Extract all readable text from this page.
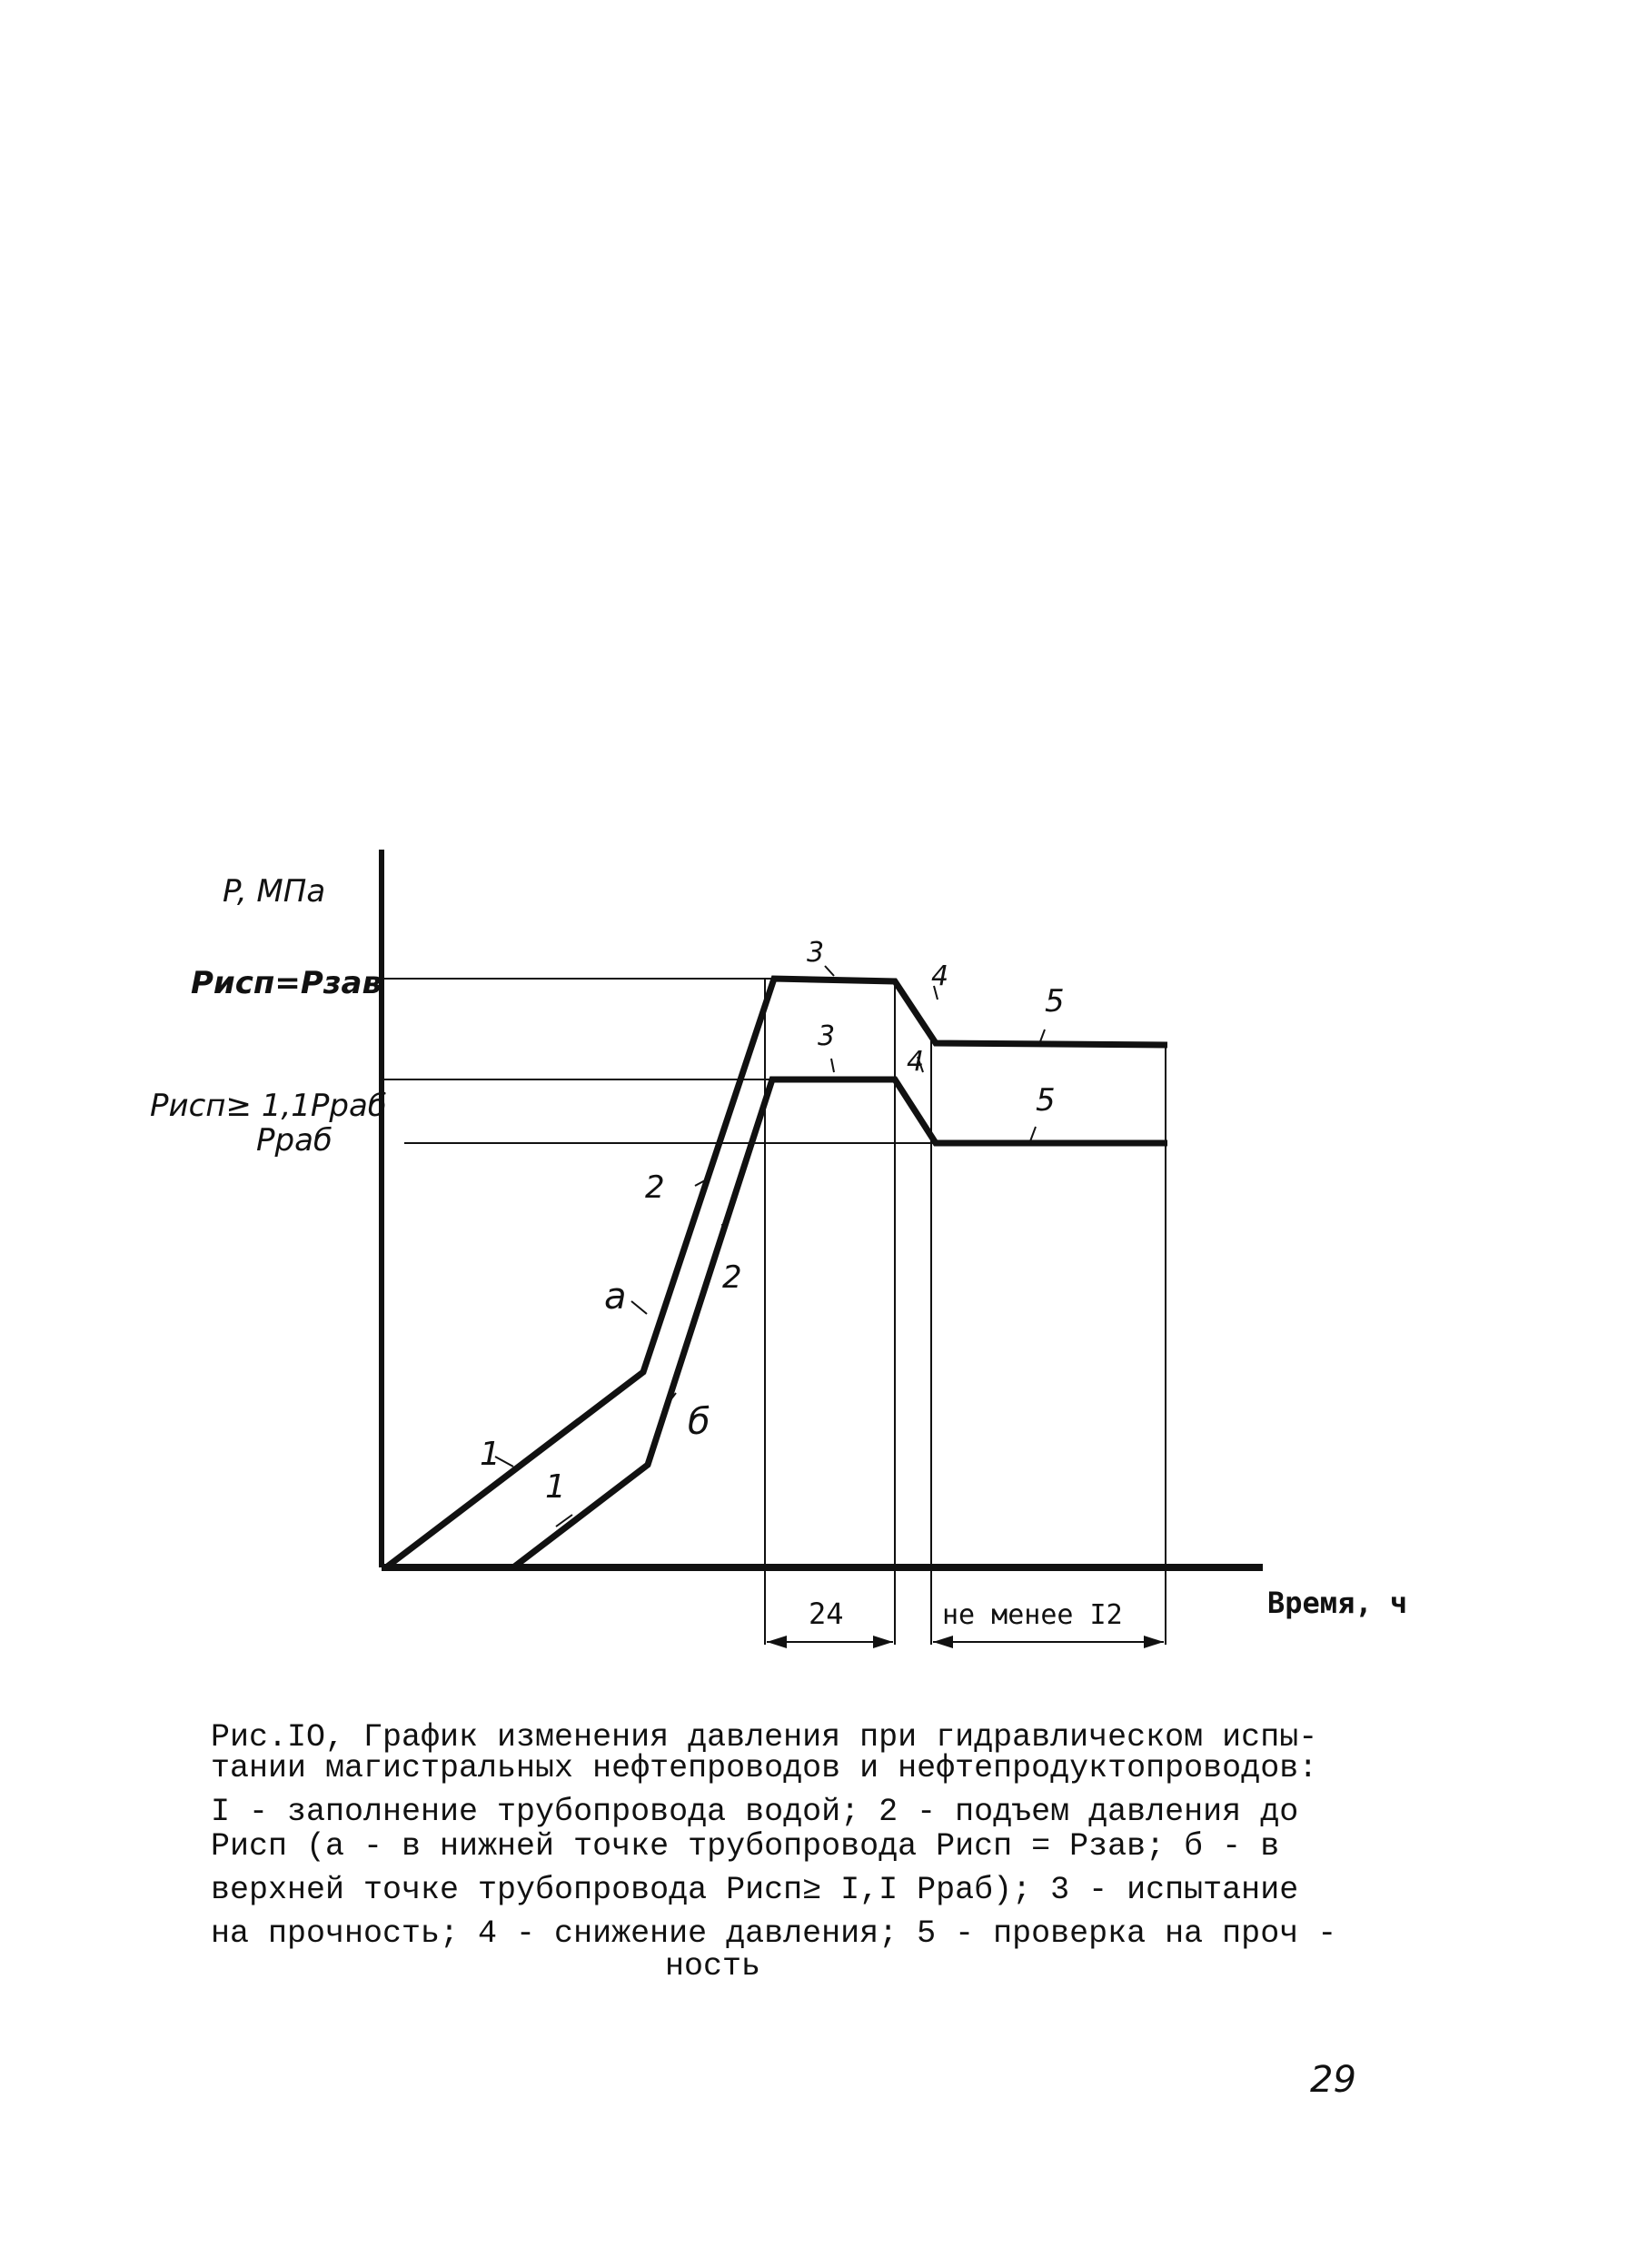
P, МПа
Время, ч
Pисп=Pзав
Pисп≥ 1,1Pраб
Pраб
а
б
1
1
2
2
3
3
4
4
5
5
24	не менее I2

Рис.IO, График изменения давления при гидравлическом испы-

тании магистральных нефтепроводов и нефтепродуктопроводов:

I - заполнение трубопровода водой; 2 - подъем давления до

Pисп (а - в нижней точке трубопровода Pисп = Pзав; б - в

верхней точке трубопровода Pисп≥ I,I Pраб); 3 - испытание

на прочность; 4 - снижение давления; 5 - проверка на проч -

ность

29
